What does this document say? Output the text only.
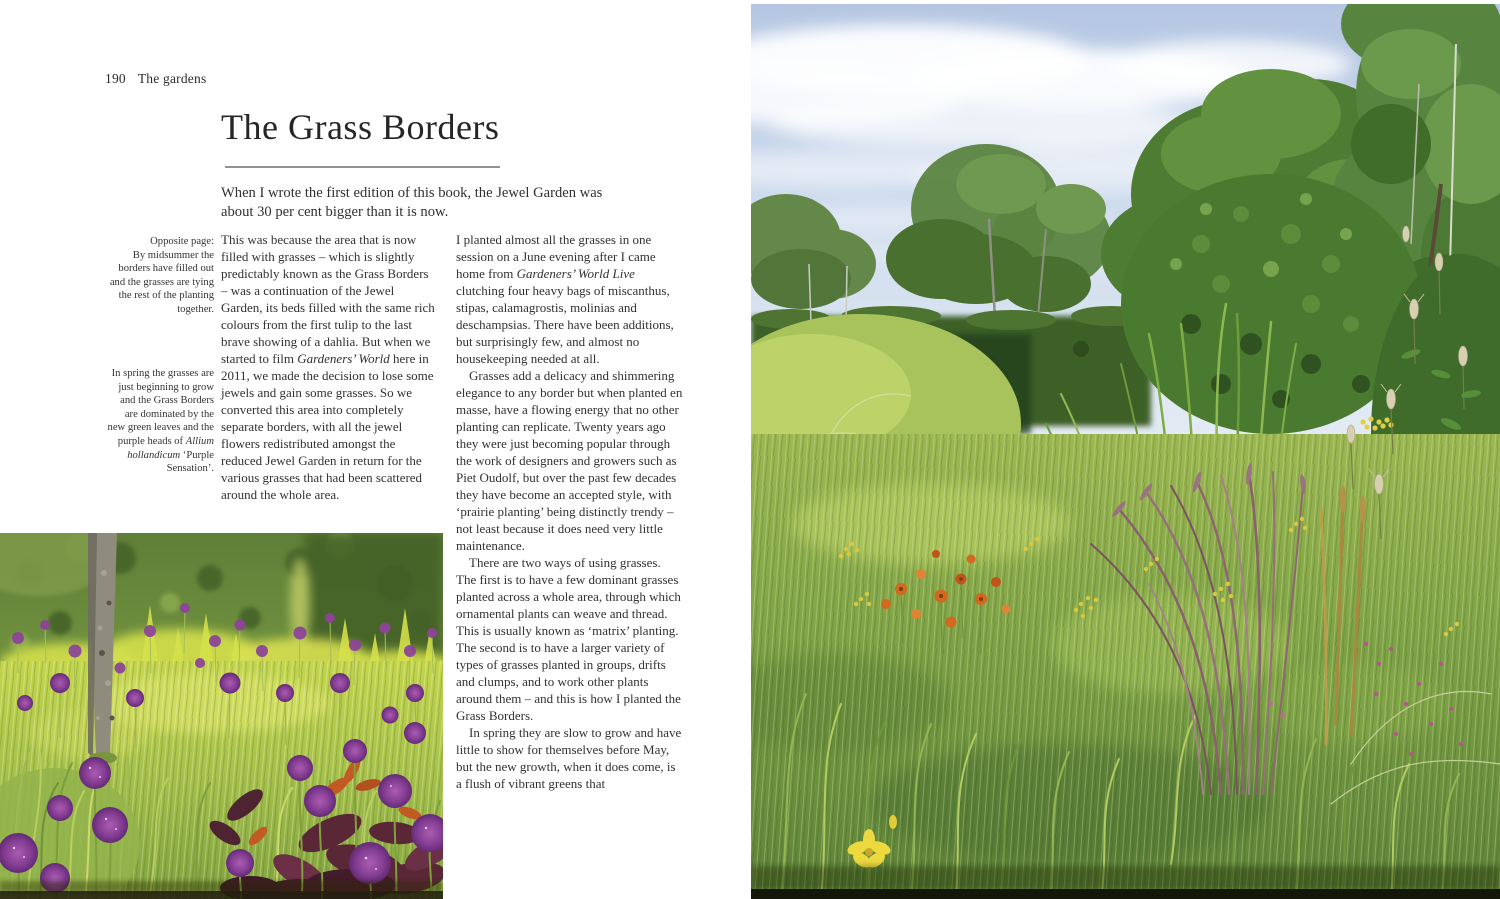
190 The gardens
The Grass Borders

When I wrote the first edition of this book, the Jewel Garden was about 30 per cent bigger than it is now.

Opposite page:
By midsummer the borders have filled out and the grasses are tying the rest of the planting together.

In spring the grasses are just beginning to grow and the Grass Borders are dominated by the new green leaves and the purple heads of Allium hollandicum ‘Purple Sensation’.

This was because the area that is now filled with grasses – which is slightly predictably known as the Grass Borders – was a continuation of the Jewel Garden, its beds filled with the same rich colours from the first tulip to the last brave showing of a dahlia. But when we started to film Gardeners’ World here in 2011, we made the decision to lose some jewels and gain some grasses. So we converted this area into completely separate borders, with all the jewel flowers redistributed amongst the reduced Jewel Garden in return for the various grasses that had been scattered around the whole area.

I planted almost all the grasses in one session on a June evening after I came home from Gardeners’ World Live clutching four heavy bags of miscanthus, stipas, calamagrostis, molinias and deschampsias. There have been additions, but surprisingly few, and almost no housekeeping needed at all.

Grasses add a delicacy and shimmering elegance to any border but when planted en masse, have a flowing energy that no other planting can replicate. Twenty years ago they were just becoming popular through the work of designers and growers such as Piet Oudolf, but over the past few decades they have become an accepted style, with ‘prairie planting’ being distinctly trendy – not least because it does need very little maintenance.

There are two ways of using grasses. The first is to have a few dominant grasses planted across a whole area, through which ornamental plants can weave and thread. This is usually known as ‘matrix’ planting. The second is to have a larger variety of types of grasses planted in groups, drifts and clumps, and to work other plants around them – and this is how I planted the Grass Borders.

In spring they are slow to grow and have little to show for themselves before May, but the new growth, when it does come, is a flush of vibrant greens that
